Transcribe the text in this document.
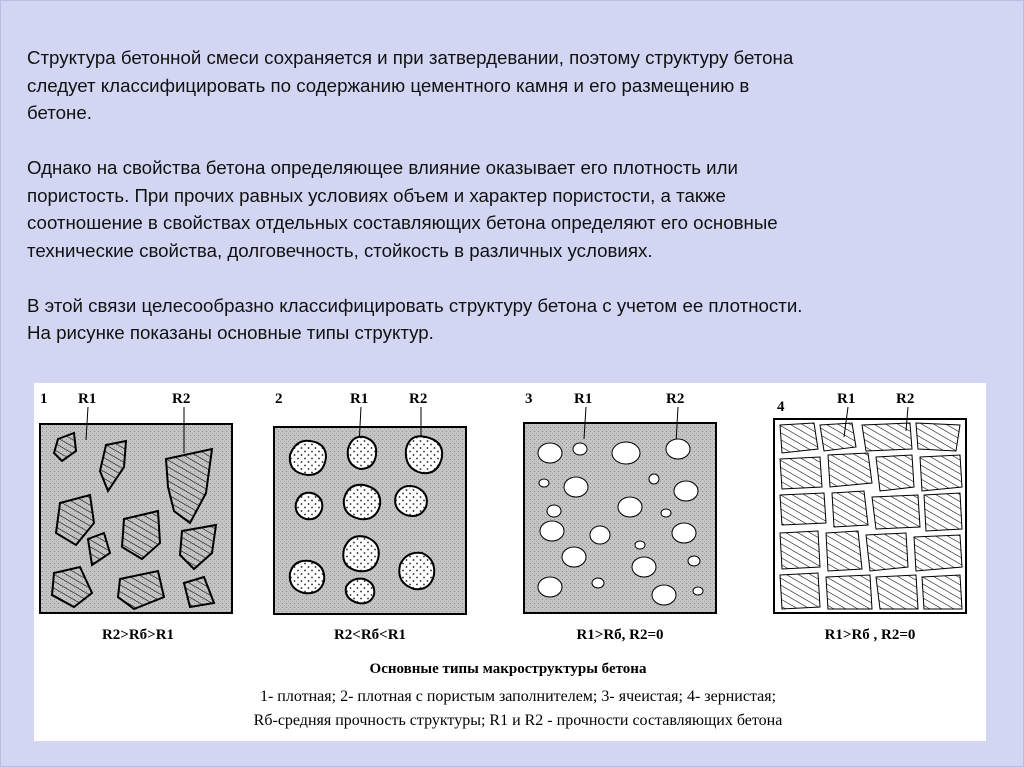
Структура бетонной смеси сохраняется и при затвердевании, поэтому структуру бетона
следует классифицировать по содержанию цементного камня и его размещению в
бетоне.

Однако на свойства бетона определяющее влияние оказывает его плотность или
пористость. При прочих равных условиях объем и характер пористости, а также
соотношение в свойствах отдельных составляющих бетона определяют его основные
технические свойства, долговечность, стойкость в различных условиях.

В этой связи целесообразно классифицировать структуру бетона с учетом ее плотности.
На рисунке показаны основные типы структур.

1 R1	R2
R2>Rб>R1
2	R1	R2
R2<Rб<R1
3	R1	R2
R1>Rб, R2=0
4	R1	R2
R1>Rб , R2=0
Основные типы макроструктуры бетона
1- плотная; 2- плотная с пористым заполнителем; 3- ячеистая; 4- зернистая;
Rб-средняя прочность структуры; R1 и R2 - прочности составляющих бетона
